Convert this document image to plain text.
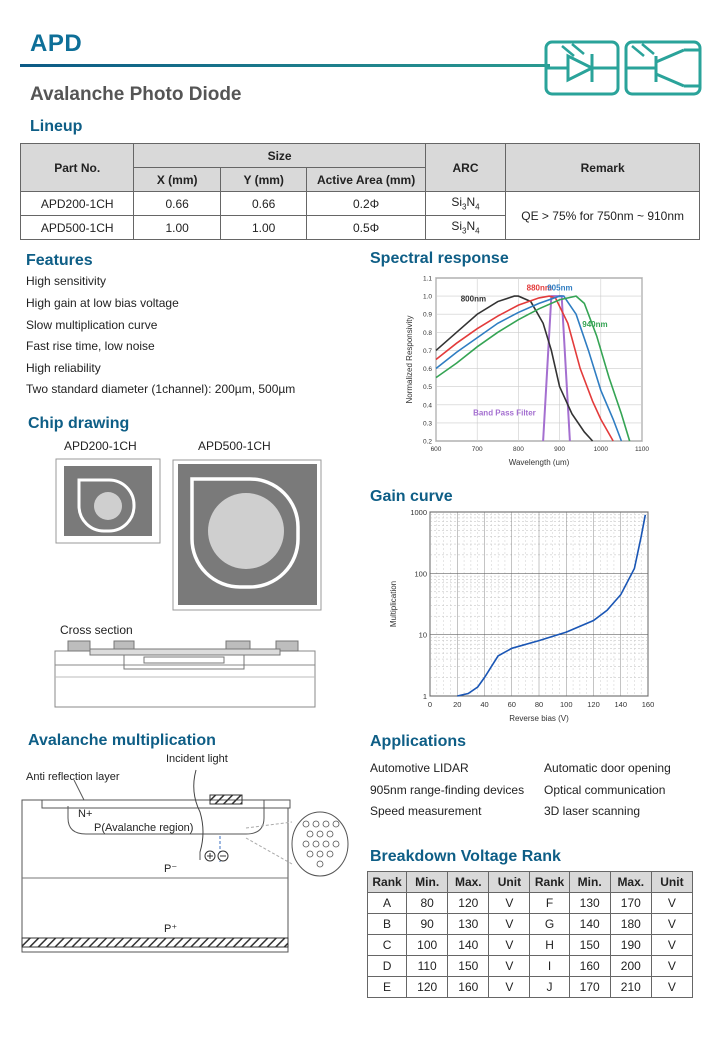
APD
Avalanche Photo Diode
Lineup
Part No.	Size			ARC	Remark
	X (mm)	Y (mm)	Active Area (mm)		
APD200-1CH	0.66	0.66	0.2Φ	$Si_3N_4$	QE > 75% for 750nm ~ 910nm
APD500-1CH	1.00	1.00	0.5Φ	$Si_3N_4$
Features
High sensitivity
High gain at low bias voltage
Slow multiplication curve
Fast rise time, low noise
High reliability
Two standard diameter (1channel): 200µm, 500µm
Chip drawing
APD200-1CH	APD500-1CH
Cross section
Avalanche multiplication
Incident light
Anti reflection layer
N+
P(Avalanche region)
P⁻
P⁺
Spectral response
600	700	800	900	1000	1100
0.2
0.3
0.4
0.5
0.6
0.7
0.8
0.9
1.0
1.1
Band Pass Filter
800nm
880nm
905nm
940nm
Wavelength (um)
Normalized Responsivity
Gain curve
0	20	40	60	80 100 120 140 160
1
10
100
1000
Reverse bias (V)
Multiplication
Applications
Automotive LIDAR
905nm range-finding devices
Speed measurement
Automatic door opening
Optical communication
3D laser scanning
Breakdown Voltage Rank
Rank	Min.	Max.	Unit	Rank	Min.	Max.	Unit
A	80	120	V	F	130	170	V
B	90	130	V	G	140	180	V
C	100	140	V	H	150	190	V
D	110	150	V	I	160	200	V
E	120	160	V	J	170	210	V
